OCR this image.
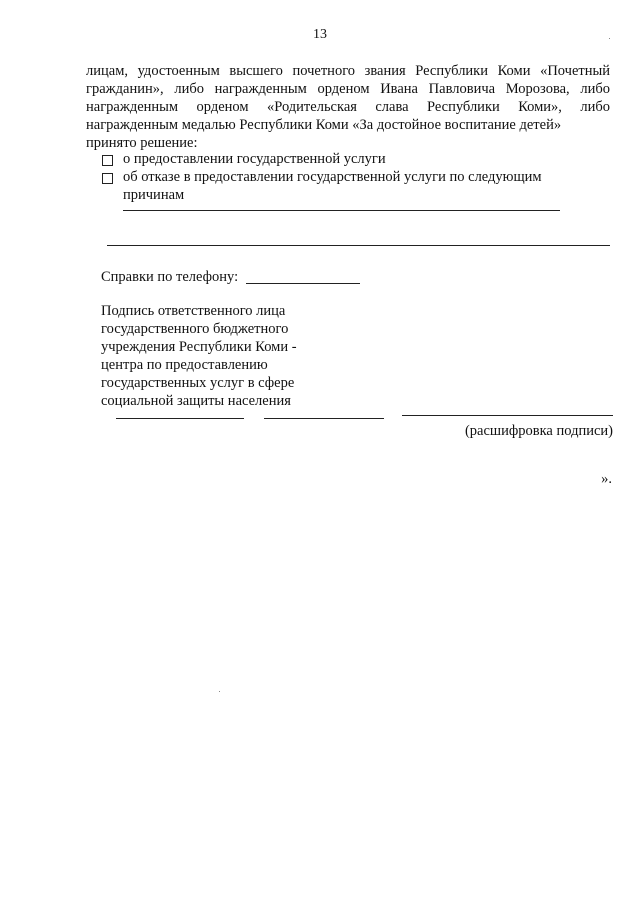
13
лицам, удостоенным высшего почетного звания Республики Коми «Почетный гражданин», либо награжденным орденом Ивана Павловича Морозова, либо награжденным орденом «Родительская слава Республики Коми», либо награжденным медалью Республики Коми «За достойное воспитание детей»
принято решение:
о предоставлении государственной услуги
об отказе в предоставлении государственной услуги по следующим
причинам
Справки по телефону:
Подпись ответственного лица
государственного бюджетного
учреждения Республики Коми -
центра по предоставлению
государственных услуг в сфере
социальной защиты населения
(расшифровка подписи)
».
